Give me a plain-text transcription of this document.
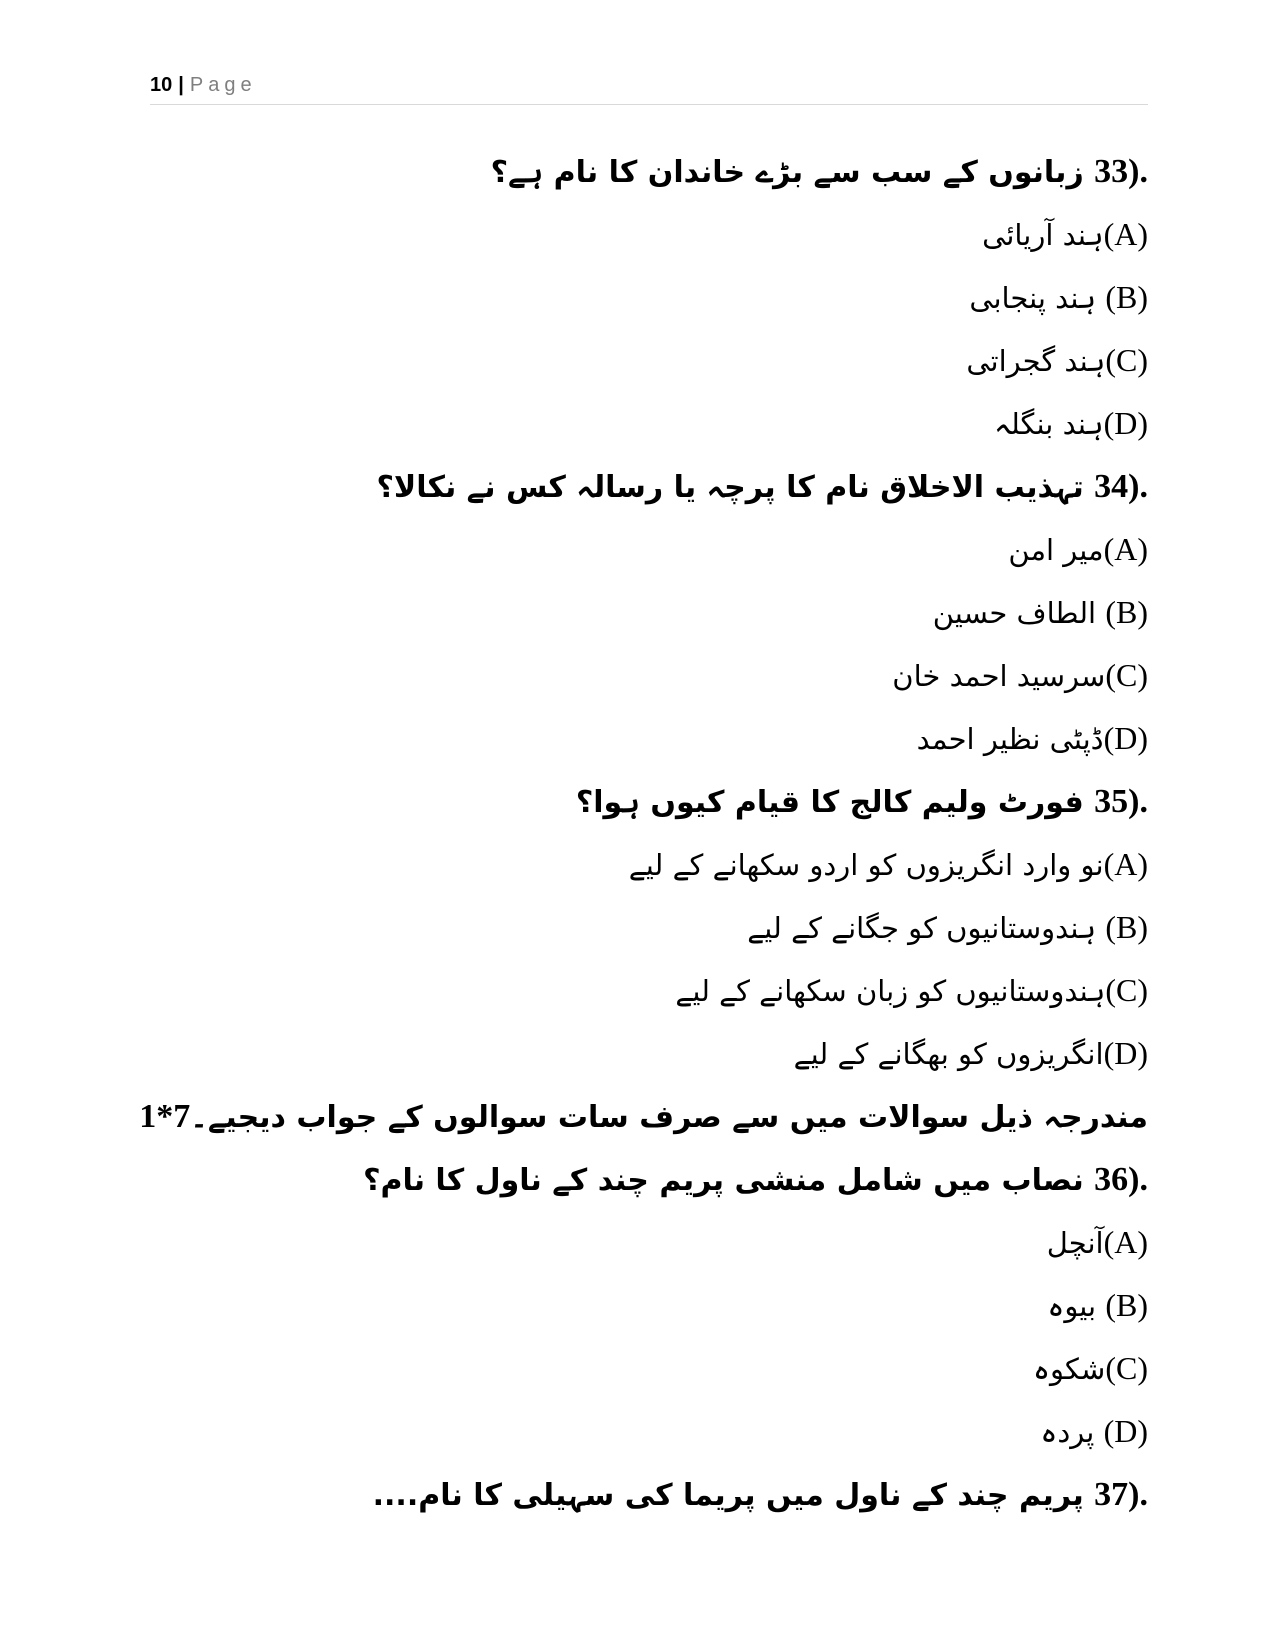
10 | Page
33). زبانوں کے سب سے بڑے خاندان کا نام ہے؟
(A)ہند آریائی
(B) ہند پنجابی
(C)ہند گجراتی
(D)ہند بنگلہ
34). تہذیب الاخلاق نام کا پرچہ یا رسالہ کس نے نکالا؟
(A)میر امن
(B) الطاف حسین
(C)سرسید احمد خان
(D)ڈپٹی نظیر احمد
35). فورٹ ولیم کالج کا قیام کیوں ہوا؟
(A)نو وارد انگریزوں کو اردو سکھانے کے لیے
(B) ہندوستانیوں کو جگانے کے لیے
(C)ہندوستانیوں کو زبان سکھانے کے لیے
(D)انگریزوں کو بھگانے کے لیے
مندرجہ ذیل سوالات میں سے صرف سات سوالوں کے جواب دیجیے۔1*7
36). نصاب میں شامل منشی پریم چند کے ناول کا نام؟
(A)آنچل
(B) بیوہ
(C)شکوہ
(D) پردہ
37). پریم چند کے ناول میں پریما کی سہیلی کا نام....
